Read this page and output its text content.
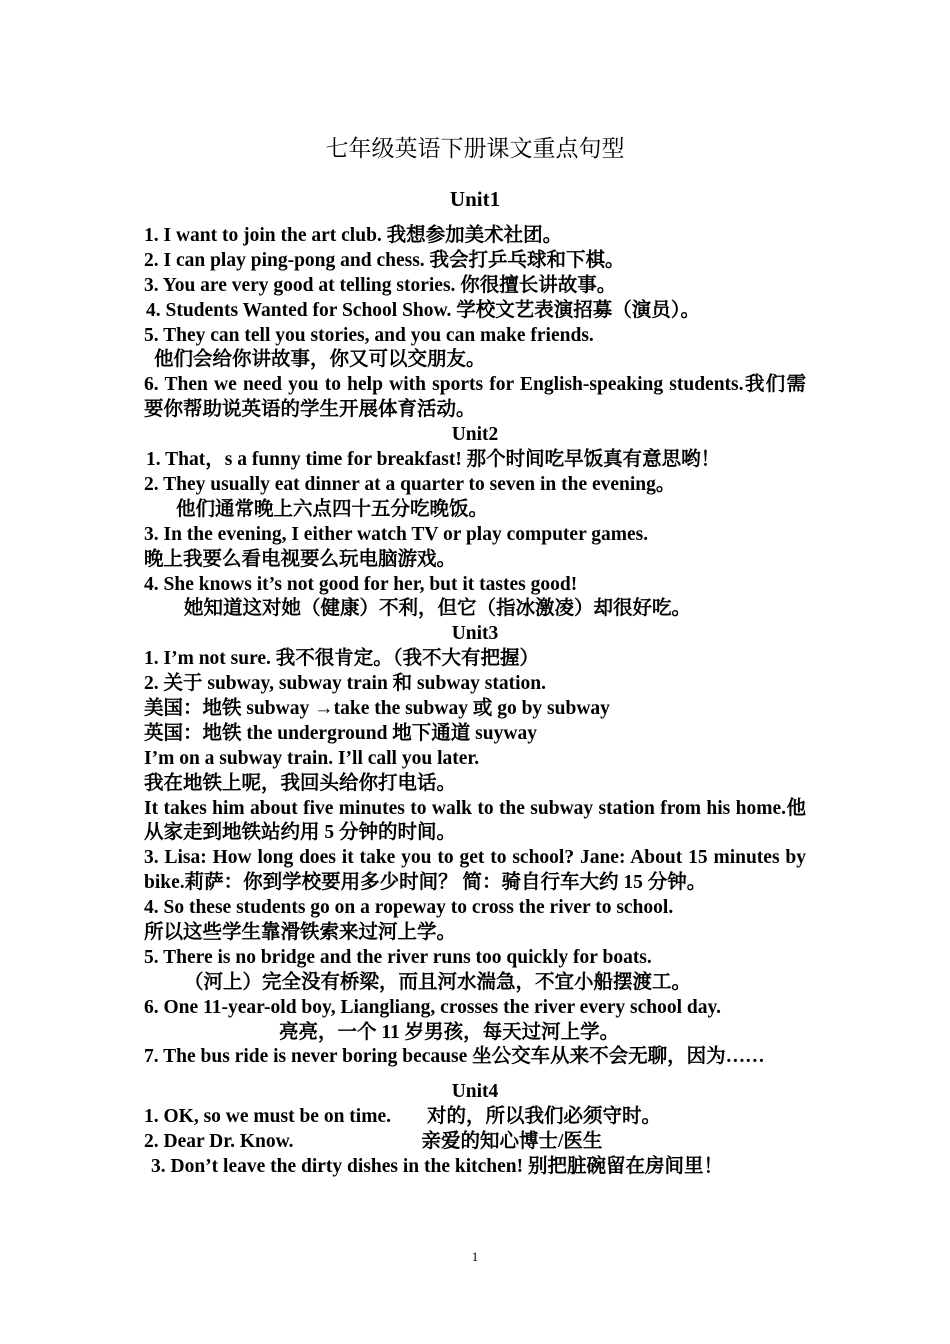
七年级英语下册课文重点句型
Unit1
1. I want to join the art club. 我想参加美术社团。
2. I can play ping-pong and chess. 我会打乒乓球和下棋。
3. You are very good at telling stories. 你很擅长讲故事。
4. Students Wanted for School Show. 学校文艺表演招募（演员）。
5. They can tell you stories, and you can make friends.
他们会给你讲故事，你又可以交朋友。
6. Then we need you to help with sports for English-speaking students.我们需要你帮助说英语的学生开展体育活动。
Unit2
1. That，s a funny time for breakfast! 那个时间吃早饭真有意思哟！
2. They usually eat dinner at a quarter to seven in the evening。
他们通常晚上六点四十五分吃晚饭。
3. In the evening, I either watch TV or play computer games.
晚上我要么看电视要么玩电脑游戏。
4. She knows it’s not good for her, but it tastes good!
她知道这对她（健康）不利，但它（指冰激凌）却很好吃。
Unit3
1. I’m not sure. 我不很肯定。（我不大有把握）
2. 关于 subway, subway train 和 subway station.
美国：地铁 subway →take the subway 或 go by subway
英国：地铁 the underground 地下通道 suyway
I’m on a subway train. I’ll call you later.
我在地铁上呢，我回头给你打电话。
It takes him about five minutes to walk to the subway station from his home.他从家走到地铁站约用 5 分钟的时间。
3. Lisa: How long does it take you to get to school? Jane: About 15 minutes by bike.莉萨：你到学校要用多少时间？ 简：骑自行车大约 15 分钟。
4. So these students go on a ropeway to cross the river to school.
所以这些学生靠滑铁索来过河上学。
5. There is no bridge and the river runs too quickly for boats.
（河上）完全没有桥梁，而且河水湍急，不宜小船摆渡工。
6. One 11-year-old boy, Liangliang, crosses the river every school day.
亮亮，一个 11 岁男孩，每天过河上学。
7. The bus ride is never boring because 坐公交车从来不会无聊，因为……
Unit4
1. OK, so we must be on time. 对的，所以我们必须守时。
2. Dear Dr. Know.	亲爱的知心博士/医生
3. Don’t leave the dirty dishes in the kitchen! 别把脏碗留在房间里！
1
